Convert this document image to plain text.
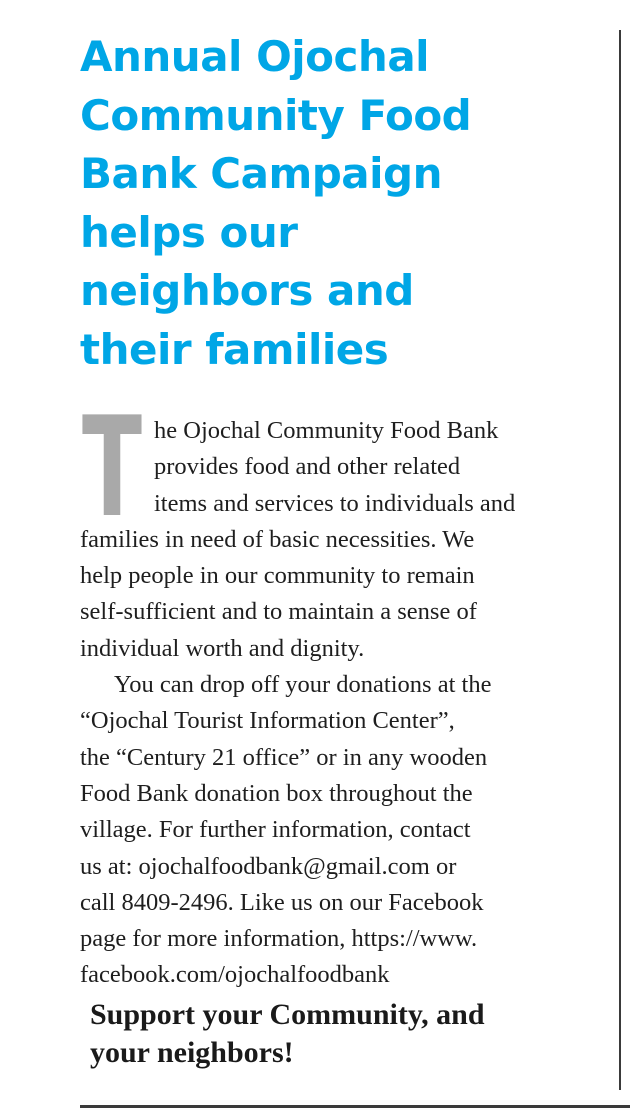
Annual Ojochal
Community Food
Bank Campaign
helps our
neighbors and
their families

T he Ojochal Community Food Bank
provides food and other related
items and services to individuals and
families in need of basic necessities. We
help people in our community to remain
self-sufficient and to maintain a sense of
individual worth and dignity.

You can drop off your donations at the
“Ojochal Tourist Information Center”,
the “Century 21 office” or in any wooden
Food Bank donation box throughout the
village. For further information, contact
us at: ojochalfoodbank@gmail.com or
call 8409-2496. Like us on our Facebook
page for more information, https://www.
facebook.com/ojochalfoodbank

Support your Community, and
your neighbors!
